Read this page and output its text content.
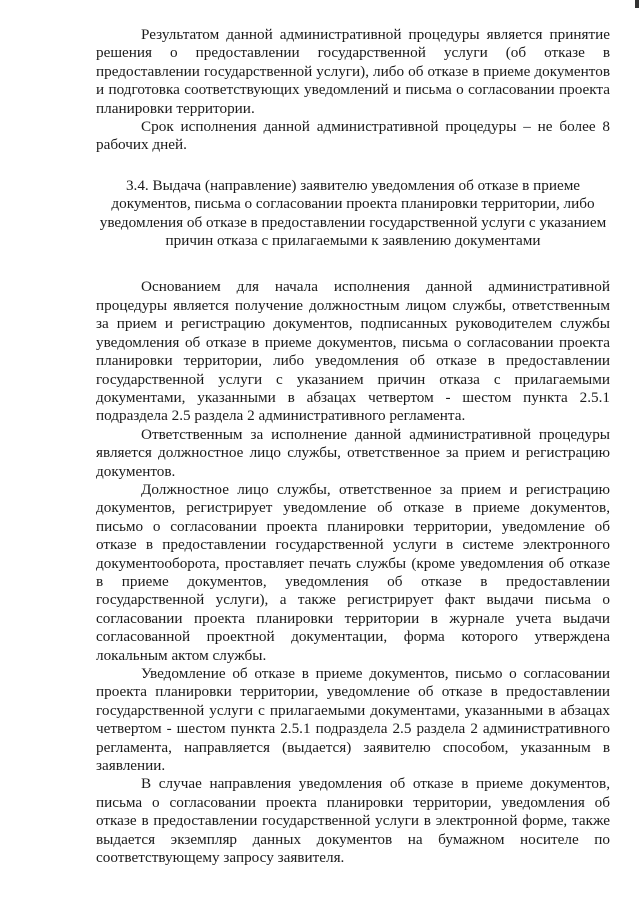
Результатом данной административной процедуры является принятие решения о предоставлении государственной услуги (об отказе в предоставлении государственной услуги), либо об отказе в приеме документов и подготовка соответствующих уведомлений и письма о согласовании проекта планировки территории.

Срок исполнения данной административной процедуры – не более 8 рабочих дней.

3.4. Выдача (направление) заявителю уведомления об отказе в приеме документов, письма о согласовании проекта планировки территории, либо уведомления об отказе в предоставлении государственной услуги с указанием причин отказа с прилагаемыми к заявлению документами

Основанием для начала исполнения данной административной процедуры является получение должностным лицом службы, ответственным за прием и регистрацию документов, подписанных руководителем службы уведомления об отказе в приеме документов, письма о согласовании проекта планировки территории, либо уведомления об отказе в предоставлении государственной услуги с указанием причин отказа с прилагаемыми документами, указанными в абзацах четвертом - шестом пункта 2.5.1 подраздела 2.5 раздела 2 административного регламента.

Ответственным за исполнение данной административной процедуры является должностное лицо службы, ответственное за прием и регистрацию документов.

Должностное лицо службы, ответственное за прием и регистрацию документов, регистрирует уведомление об отказе в приеме документов, письмо о согласовании проекта планировки территории, уведомление об отказе в предоставлении государственной услуги в системе электронного документооборота, проставляет печать службы (кроме уведомления об отказе в приеме документов, уведомления об отказе в предоставлении государственной услуги), а также регистрирует факт выдачи письма о согласовании проекта планировки территории в журнале учета выдачи согласованной проектной документации, форма которого утверждена локальным актом службы.

Уведомление об отказе в приеме документов, письмо о согласовании проекта планировки территории, уведомление об отказе в предоставлении государственной услуги с прилагаемыми документами, указанными в абзацах четвертом - шестом пункта 2.5.1 подраздела 2.5 раздела 2 административного регламента, направляется (выдается) заявителю способом, указанным в заявлении.

В случае направления уведомления об отказе в приеме документов, письма о согласовании проекта планировки территории, уведомления об отказе в предоставлении государственной услуги в электронной форме, также выдается экземпляр данных документов на бумажном носителе по соответствующему запросу заявителя.
